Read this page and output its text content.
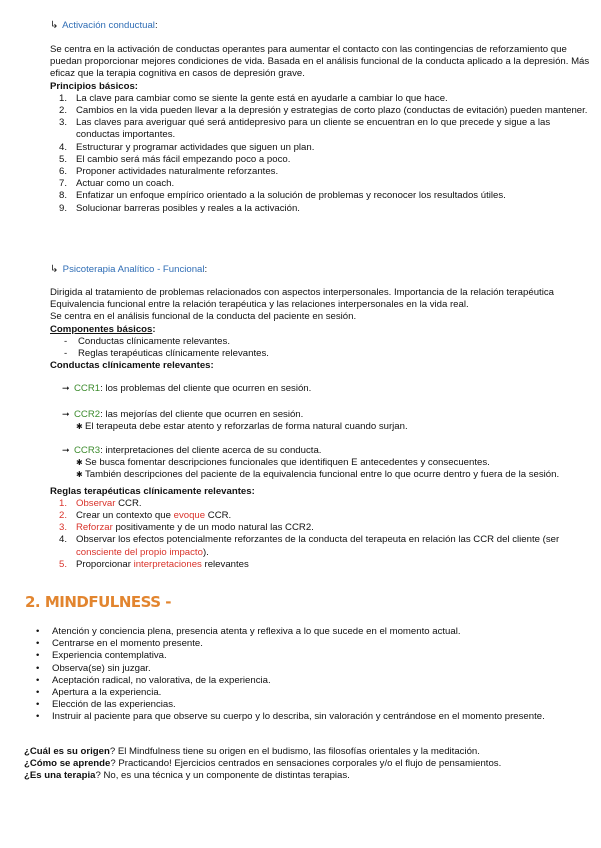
↳ Activación conductual:

Se centra en la activación de conductas operantes para aumentar el contacto con las contingencias de reforzamiento que puedan proporcionar mejores condiciones de vida. Basada en el análisis funcional de la conducta aplicado a la depresión. Más eficaz que la terapia cognitiva en casos de depresión grave.

Principios básicos:

1. La clave para cambiar como se siente la gente está en ayudarle a cambiar lo que hace.
2. Cambios en la vida pueden llevar a la depresión y estrategias de corto plazo (conductas de evitación) pueden mantener.
3. Las claves para averiguar qué será antidepresivo para un cliente se encuentran en lo que precede y sigue a las conductas importantes.
4. Estructurar y programar actividades que siguen un plan.
5. El cambio será más fácil empezando poco a poco.
6. Proponer actividades naturalmente reforzantes.
7. Actuar como un coach.
8. Enfatizar un enfoque empírico orientado a la solución de problemas y reconocer los resultados útiles.
9. Solucionar barreras posibles y reales a la activación.
↳ Psicoterapia Analítico - Funcional:

Dirigida al tratamiento de problemas relacionados con aspectos interpersonales. Importancia de la relación terapéutica Equivalencia funcional entre la relación terapéutica y las relaciones interpersonales en la vida real.

Se centra en el análisis funcional de la conducta del paciente en sesión.

Componentes básicos:

- Conductas clínicamente relevantes.
- Reglas terapéuticas clínicamente relevantes.

Conductas clínicamente relevantes:

➞ CCR1: los problemas del cliente que ocurren en sesión.
➞ CCR2: las mejorías del cliente que ocurren en sesión.
✱ El terapeuta debe estar atento y reforzarlas de forma natural cuando surjan.
➞ CCR3: interpretaciones del cliente acerca de su conducta.
✱ Se busca fomentar descripciones funcionales que identifiquen E antecedentes y consecuentes.
✱ También descripciones del paciente de la equivalencia funcional entre lo que ocurre dentro y fuera de la sesión.

Reglas terapéuticas clínicamente relevantes:

1. Observar CCR.
2. Crear un contexto que evoque CCR.
3. Reforzar positivamente y de un modo natural las CCR2.
4. Observar los efectos potencialmente reforzantes de la conducta del terapeuta en relación las CCR del cliente (ser consciente del propio impacto).
5. Proporcionar interpretaciones relevantes
2. MINDFULNESS -
• Atención y conciencia plena, presencia atenta y reflexiva a lo que sucede en el momento actual.
• Centrarse en el momento presente.
• Experiencia contemplativa.
• Observa(se) sin juzgar.
• Aceptación radical, no valorativa, de la experiencia.
• Apertura a la experiencia.
• Elección de las experiencias.
• Instruir al paciente para que observe su cuerpo y lo describa, sin valoración y centrándose en el momento presente.
¿Cuál es su origen? El Mindfulness tiene su origen en el budismo, las filosofías orientales y la meditación.
¿Cómo se aprende? Practicando! Ejercicios centrados en sensaciones corporales y/o el flujo de pensamientos.
¿Es una terapia? No, es una técnica y un componente de distintas terapias.
